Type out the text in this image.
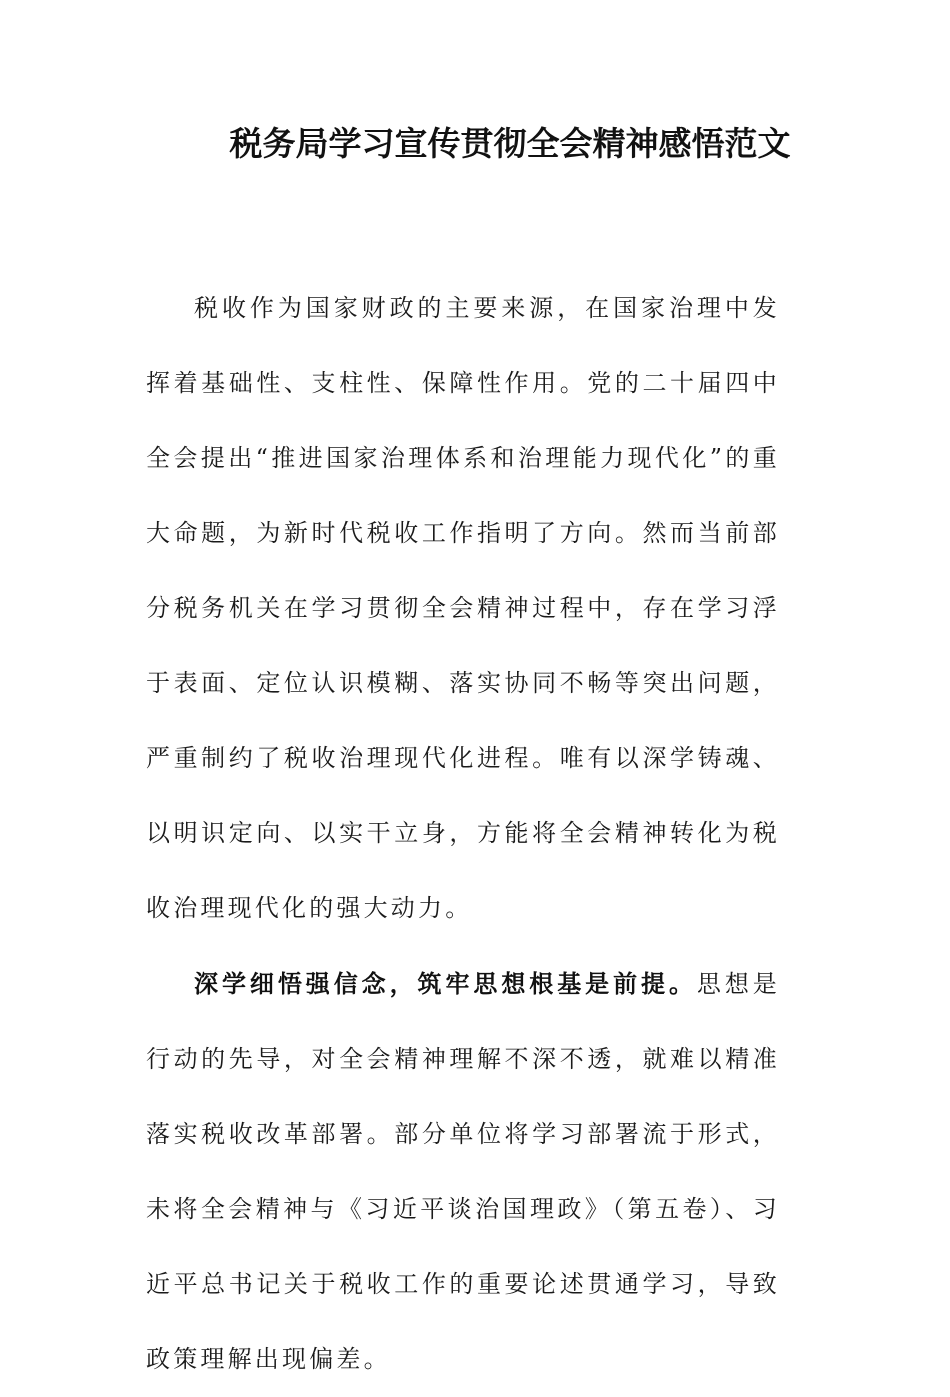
税务局学习宣传贯彻全会精神感悟范文

税收作为国家财政的主要来源，在国家治理中发挥着基础性、支柱性、保障性作用。党的二十届四中全会提出“推进国家治理体系和治理能力现代化”的重大命题，为新时代税收工作指明了方向。然而当前部分税务机关在学习贯彻全会精神过程中，存在学习浮于表面、定位认识模糊、落实协同不畅等突出问题，严重制约了税收治理现代化进程。唯有以深学铸魂、以明识定向、以实干立身，方能将全会精神转化为税收治理现代化的强大动力。

深学细悟强信念，筑牢思想根基是前提。思想是行动的先导，对全会精神理解不深不透，就难以精准落实税收改革部署。部分单位将学习部署流于形式，未将全会精神与《习近平谈治国理政》（第五卷）、习近平总书记关于税收工作的重要论述贯通学习，导致政策理解出现偏差。
